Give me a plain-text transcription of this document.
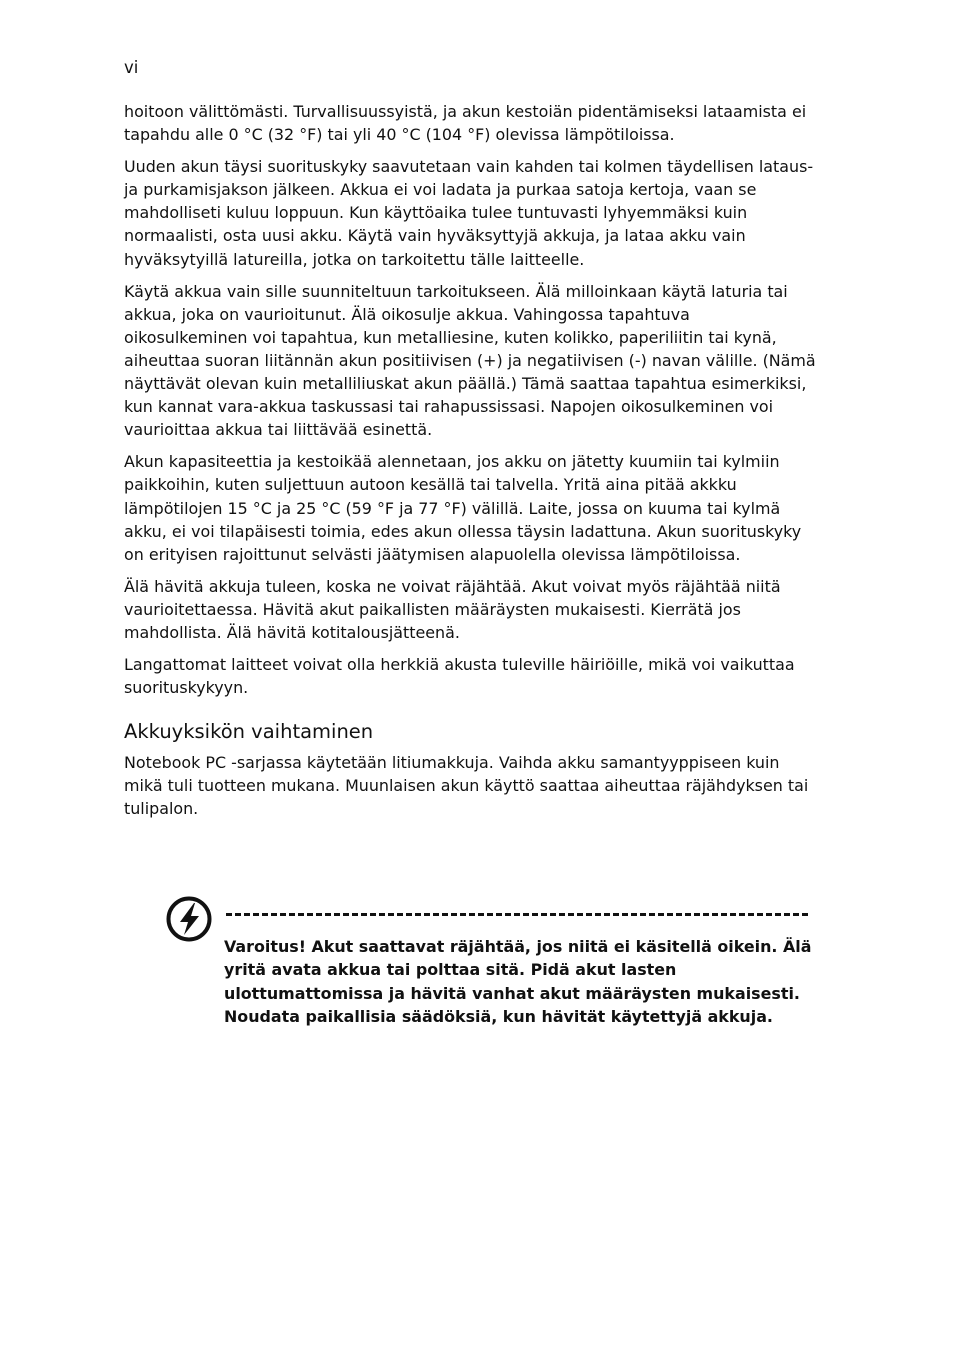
vi

hoitoon välittömästi. Turvallisuussyistä, ja akun kestoiän pidentämiseksi lataamista ei tapahdu alle 0 °C (32 °F) tai yli 40 °C (104 °F) olevissa lämpötiloissa.

Uuden akun täysi suorituskyky saavutetaan vain kahden tai kolmen täydellisen lataus- ja purkamisjakson jälkeen. Akkua ei voi ladata ja purkaa satoja kertoja, vaan se mahdolliseti kuluu loppuun. Kun käyttöaika tulee tuntuvasti lyhyemmäksi kuin normaalisti, osta uusi akku. Käytä vain hyväksyttyjä akkuja, ja lataa akku vain hyväksytyillä latureilla, jotka on tarkoitettu tälle laitteelle.

Käytä akkua vain sille suunniteltuun tarkoitukseen. Älä milloinkaan käytä laturia tai akkua, joka on vaurioitunut. Älä oikosulje akkua. Vahingossa tapahtuva oikosulkeminen voi tapahtua, kun metalliesine, kuten kolikko, paperiliitin tai kynä, aiheuttaa suoran liitännän akun positiivisen (+) ja negatiivisen (-) navan välille. (Nämä näyttävät olevan kuin metalliliuskat akun päällä.) Tämä saattaa tapahtua esimerkiksi, kun kannat vara-akkua taskussasi tai rahapussissasi. Napojen oikosulkeminen voi vaurioittaa akkua tai liittävää esinettä.

Akun kapasiteettia ja kestoikää alennetaan, jos akku on jätetty kuumiin tai kylmiin paikkoihin, kuten suljettuun autoon kesällä tai talvella. Yritä aina pitää akkku lämpötilojen 15 °C ja 25 °C (59 °F ja 77 °F) välillä. Laite, jossa on kuuma tai kylmä akku, ei voi tilapäisesti toimia, edes akun ollessa täysin ladattuna. Akun suorituskyky on erityisen rajoittunut selvästi jäätymisen alapuolella olevissa lämpötiloissa.

Älä hävitä akkuja tuleen, koska ne voivat räjähtää. Akut voivat myös räjähtää niitä vaurioitettaessa. Hävitä akut paikallisten määräysten mukaisesti. Kierrätä jos mahdollista. Älä hävitä kotitalousjätteenä.

Langattomat laitteet voivat olla herkkiä akusta tuleville häiriöille, mikä voi vaikuttaa suorituskykyyn.

Akkuyksikön vaihtaminen

Notebook PC -sarjassa käytetään litiumakkuja. Vaihda akku samantyyppiseen kuin mikä tuli tuotteen mukana. Muunlaisen akun käyttö saattaa aiheuttaa räjähdyksen tai tulipalon.

Varoitus! Akut saattavat räjähtää, jos niitä ei käsitellä oikein. Älä yritä avata akkua tai polttaa sitä. Pidä akut lasten ulottumattomissa ja hävitä vanhat akut määräysten mukaisesti. Noudata paikallisia säädöksiä, kun hävität käytettyjä akkuja.
